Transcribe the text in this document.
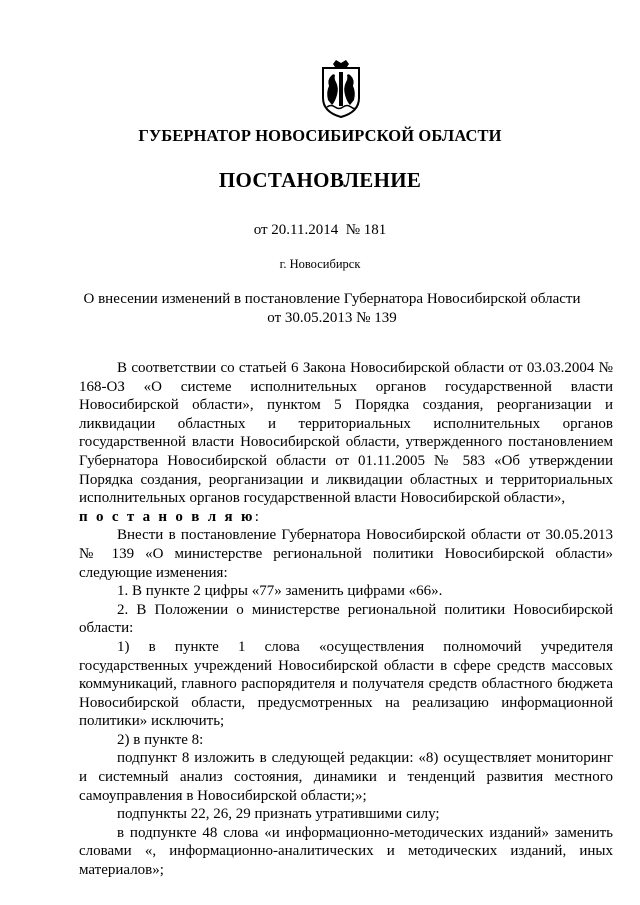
ГУБЕРНАТОР НОВОСИБИРСКОЙ ОБЛАСТИ
ПОСТАНОВЛЕНИЕ
от 20.11.2014 № 181
г. Новосибирск
О внесении изменений в постановление Губернатора Новосибирской области
от 30.05.2013 № 139

В соответствии со статьей 6 Закона Новосибирской области от 03.03.2004 № 168-ОЗ «О системе исполнительных органов государственной власти Новосибирской области», пунктом 5 Порядка создания, реорганизации и ликвидации областных и территориальных исполнительных органов государственной власти Новосибирской области, утвержденного постановлением Губернатора Новосибирской области от 01.11.2005 № 583 «Об утверждении Порядка создания, реорганизации и ликвидации областных и территориальных исполнительных органов государственной власти Новосибирской области»,

п о с т а н о в л я ю:

Внести в постановление Губернатора Новосибирской области от 30.05.2013 № 139 «О министерстве региональной политики Новосибирской области» следующие изменения:

1. В пункте 2 цифры «77» заменить цифрами «66».

2. В Положении о министерстве региональной политики Новосибирской области:

1) в пункте 1 слова «осуществления полномочий учредителя государственных учреждений Новосибирской области в сфере средств массовых коммуникаций, главного распорядителя и получателя средств областного бюджета Новосибирской области, предусмотренных на реализацию информационной политики» исключить;

2) в пункте 8:

подпункт 8 изложить в следующей редакции: «8) осуществляет мониторинг и системный анализ состояния, динамики и тенденций развития местного самоуправления в Новосибирской области;»;

подпункты 22, 26, 29 признать утратившими силу;

в подпункте 48 слова «и информационно-методических изданий» заменить словами «, информационно-аналитических и методических изданий, иных материалов»;
